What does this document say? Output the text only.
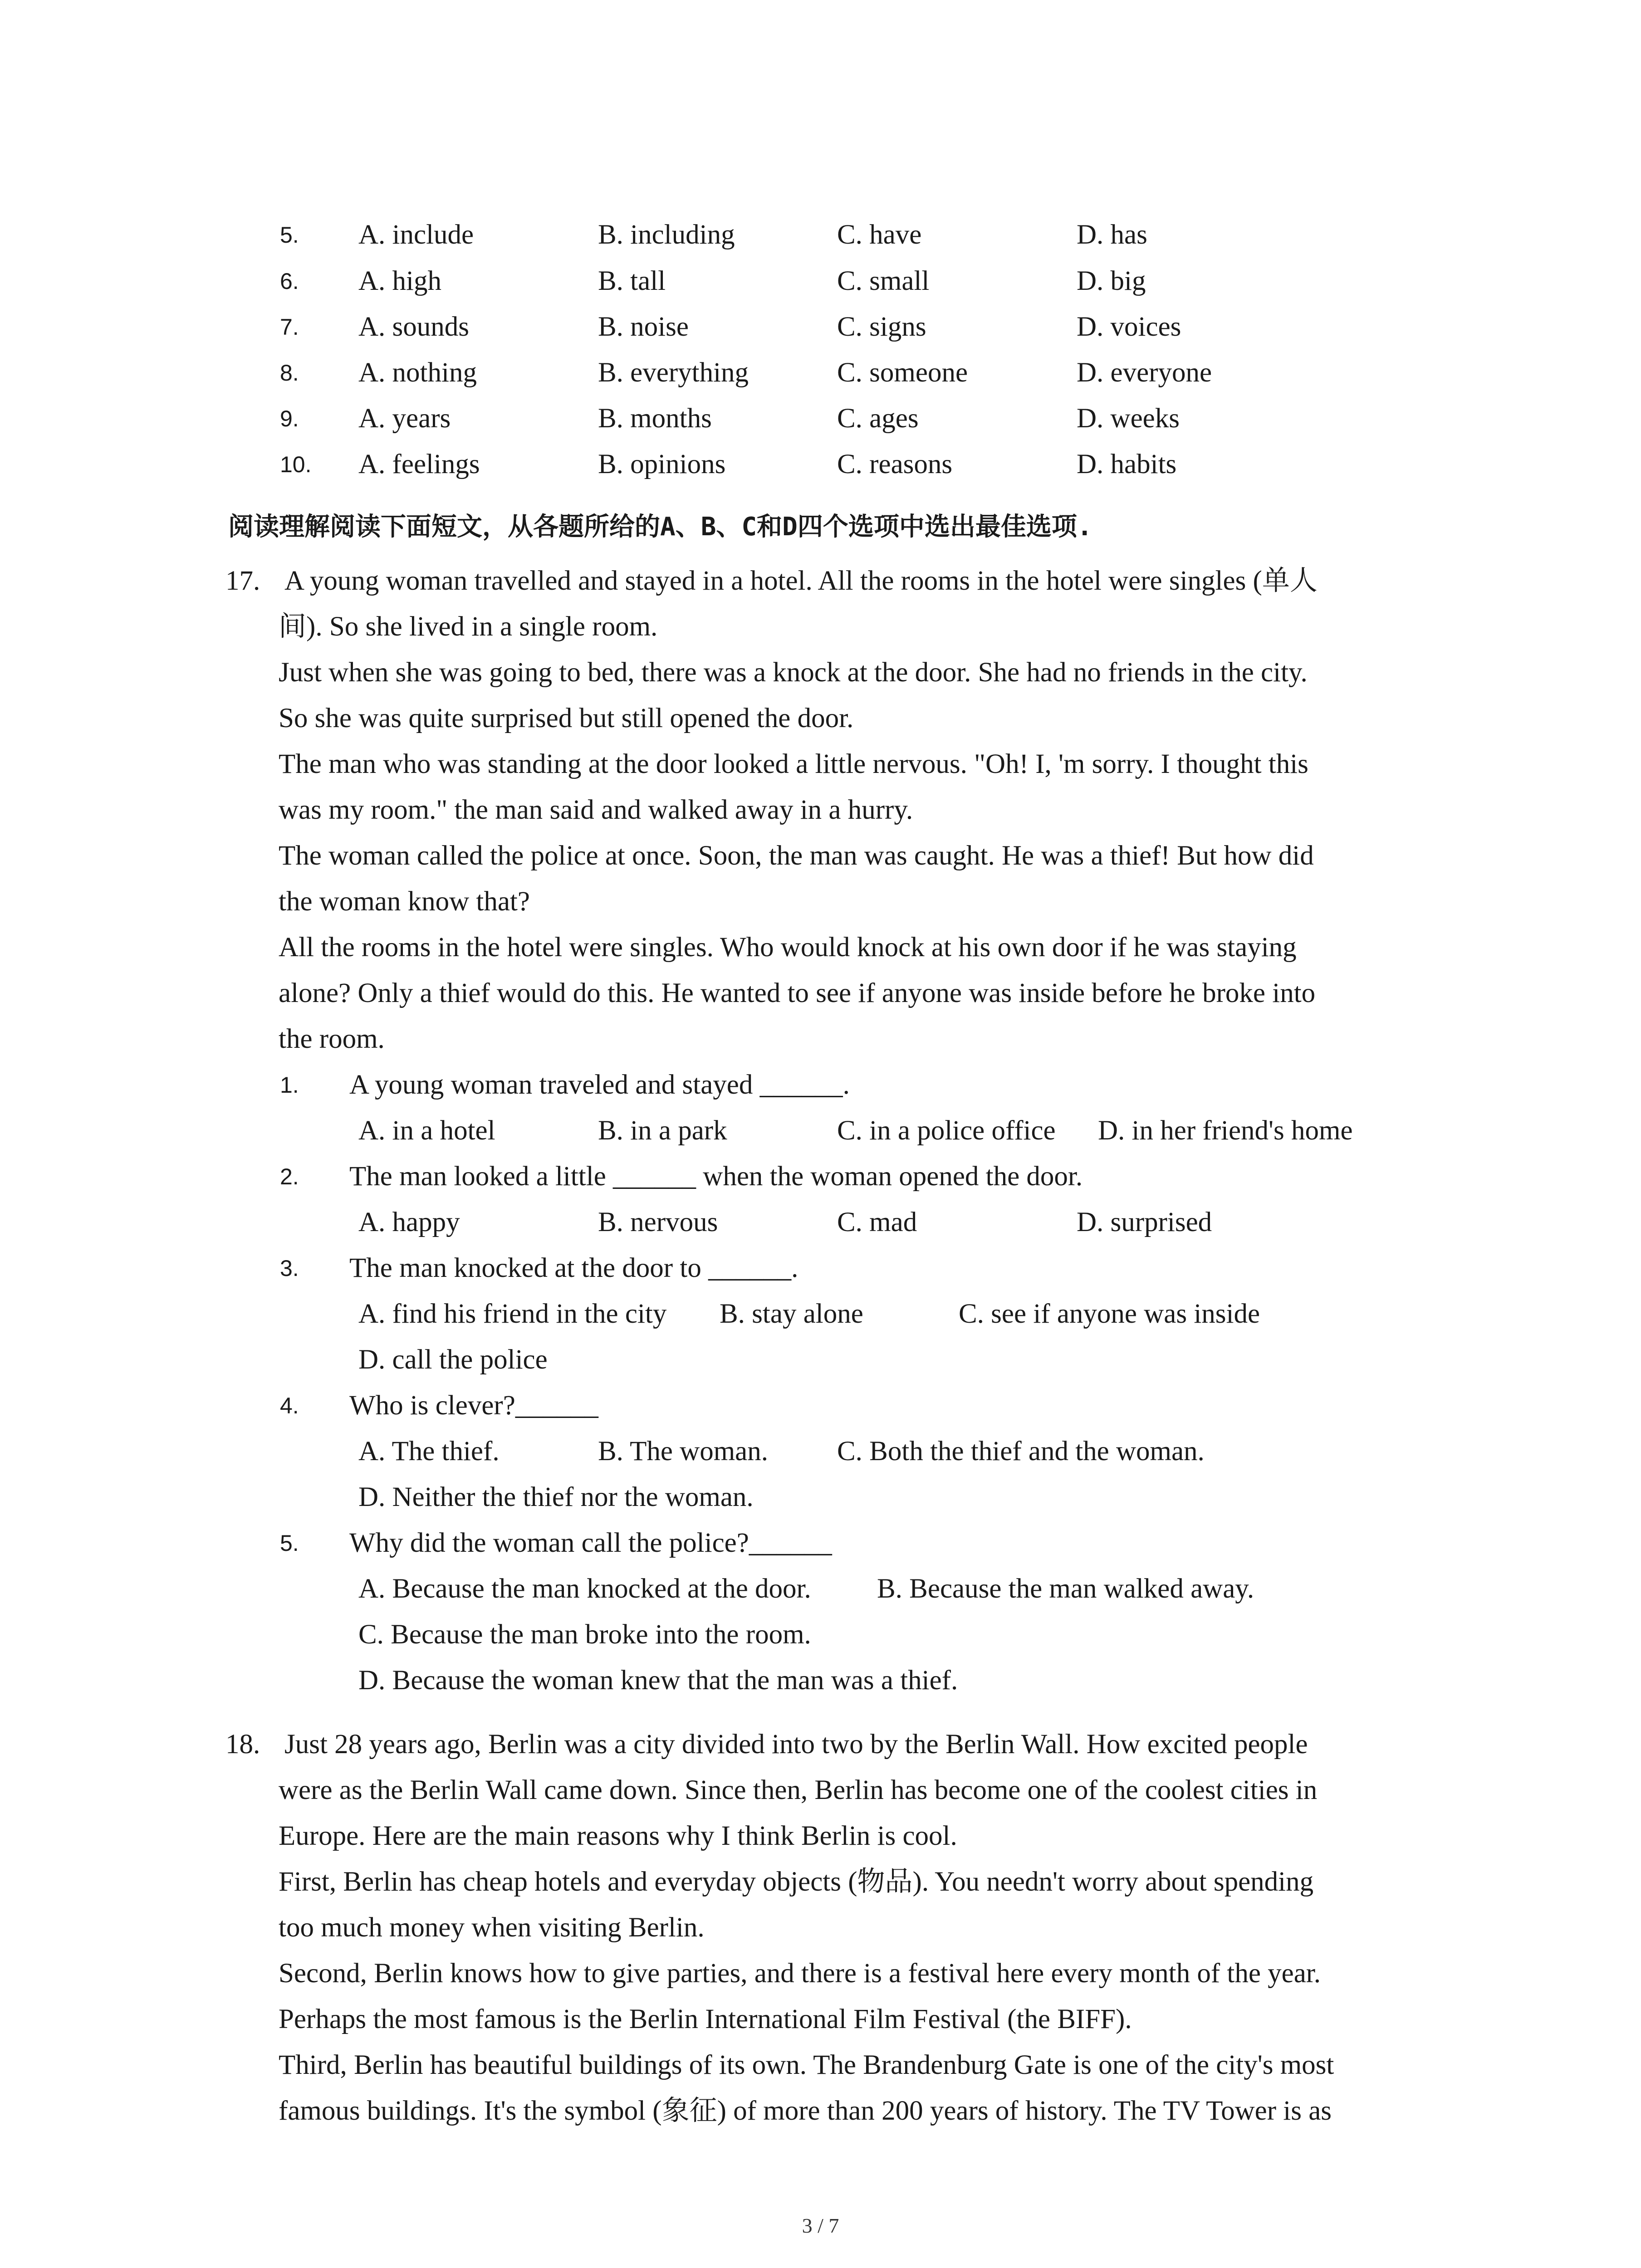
5. A. include	B. including	C. have	D. has
6. A. high	B. tall	C. small	D. big
7. A. sounds	B. noise	C. signs	D. voices
8. A. nothing	B. everything	C. someone	D. everyone
9. A. years	B. months	C. ages	D. weeks
10. A. feelings	B. opinions	C. reasons	D. habits
阅读理解阅读下面短文，从各题所给的A、B、C和D四个选项中选出最佳选项.
17. A young woman travelled and stayed in a hotel. All the rooms in the hotel were singles (单人
间). So she lived in a single room.
Just when she was going to bed, there was a knock at the door. She had no friends in the city.
So she was quite surprised but still opened the door.
The man who was standing at the door looked a little nervous. "Oh! I, 'm sorry. I thought this
was my room." the man said and walked away in a hurry.
The woman called the police at once. Soon, the man was caught. He was a thief! But how did
the woman know that?
All the rooms in the hotel were singles. Who would knock at his own door if he was staying
alone? Only a thief would do this. He wanted to see if anyone was inside before he broke into
the room.
1. A young woman traveled and stayed ______.
A. in a hotel	B. in a park	C. in a police office D. in her friend's home
2. The man looked a little ______ when the woman opened the door.
A. happy	B. nervous	C. mad	D. surprised
3. The man knocked at the door to ______.
A. find his friend in the city B. stay alone	C. see if anyone was inside
D. call the police
4. Who is clever?______
A. The thief.	B. The woman. C. Both the thief and the woman.
D. Neither the thief nor the woman.
5. Why did the woman call the police?______
A. Because the man knocked at the door. B. Because the man walked away.
C. Because the man broke into the room.
D. Because the woman knew that the man was a thief.
18. Just 28 years ago, Berlin was a city divided into two by the Berlin Wall. How excited people
were as the Berlin Wall came down. Since then, Berlin has become one of the coolest cities in
Europe. Here are the main reasons why I think Berlin is cool.
First, Berlin has cheap hotels and everyday objects (物品). You needn't worry about spending
too much money when visiting Berlin.
Second, Berlin knows how to give parties, and there is a festival here every month of the year.
Perhaps the most famous is the Berlin International Film Festival (the BIFF).
Third, Berlin has beautiful buildings of its own. The Brandenburg Gate is one of the city's most
famous buildings. It's the symbol (象征) of more than 200 years of history. The TV Tower is as
3 / 7
